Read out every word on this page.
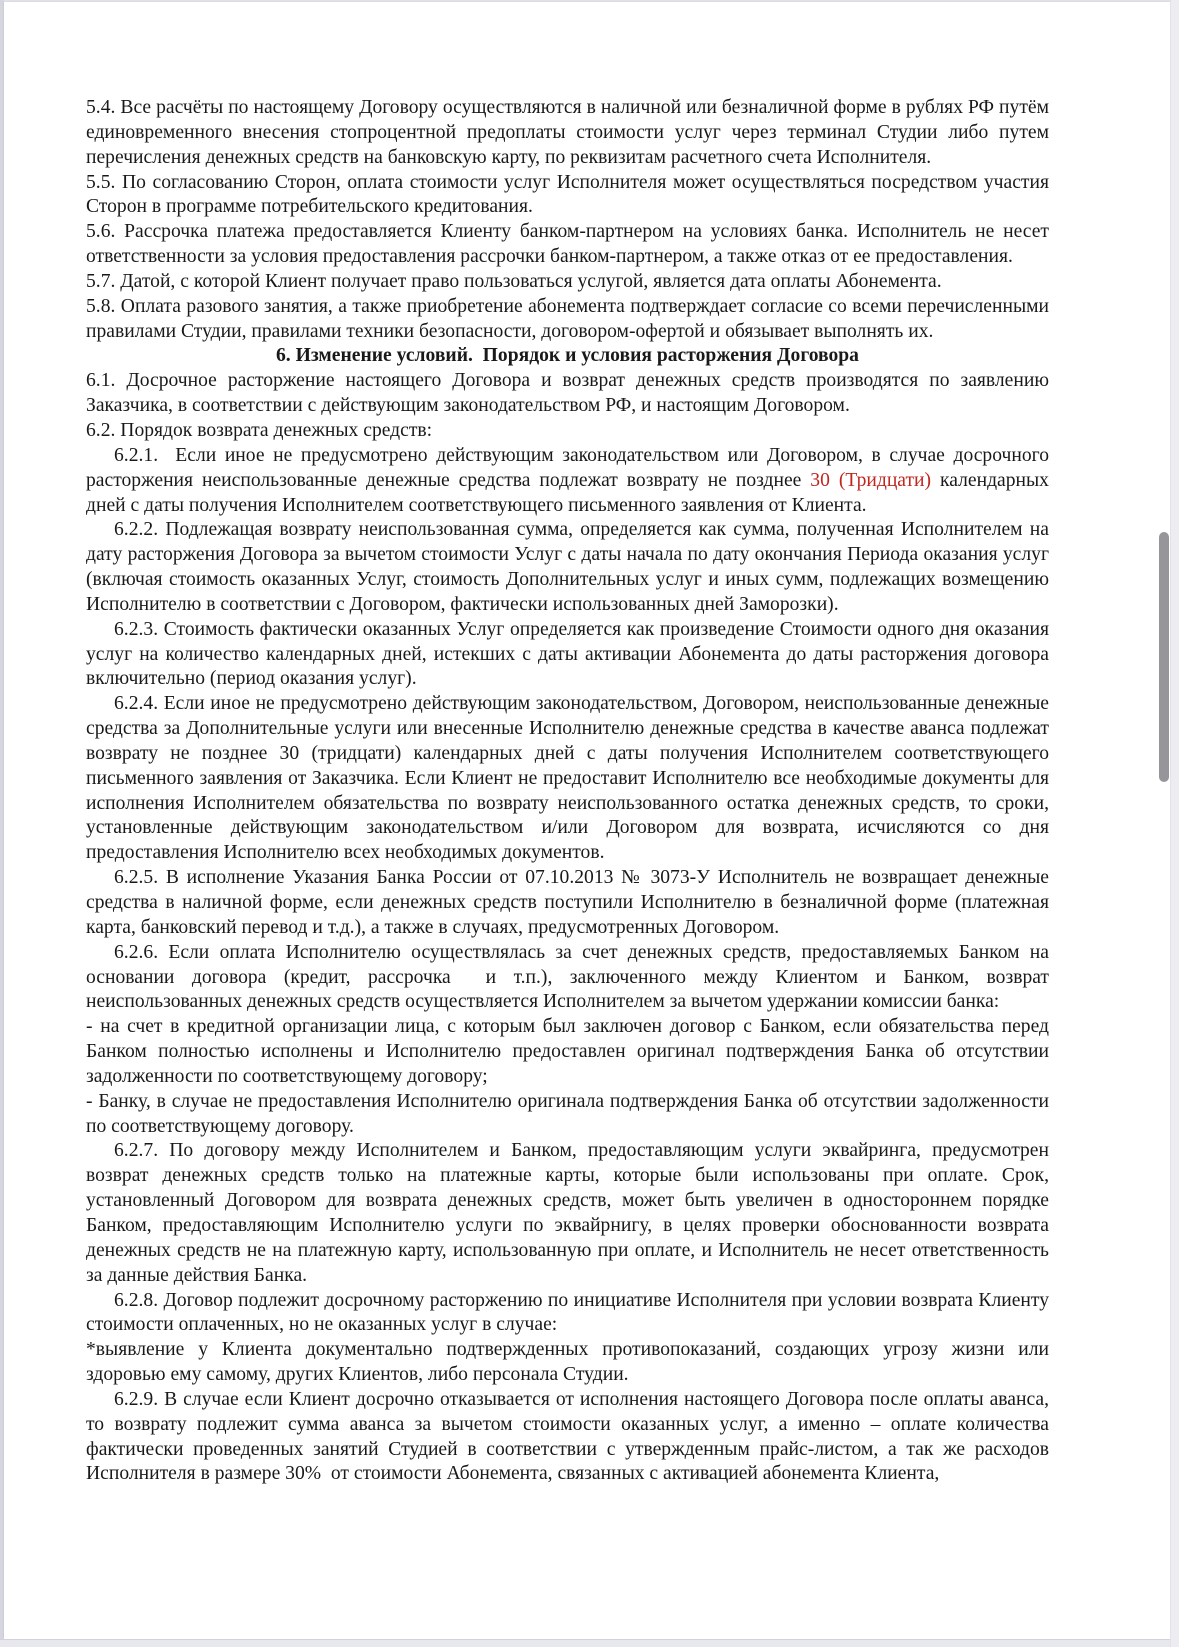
5.4. Все расчёты по настоящему Договору осуществляются в наличной или безналичной форме в рублях РФ путём единовременного внесения стопроцентной предоплаты стоимости услуг через терминал Студии либо путем перечисления денежных средств на банковскую карту, по реквизитам расчетного счета Исполнителя.

5.5. По согласованию Сторон, оплата стоимости услуг Исполнителя может осуществляться посредством участия Сторон в программе потребительского кредитования.

5.6. Рассрочка платежа предоставляется Клиенту банком-партнером на условиях банка. Исполнитель не несет ответственности за условия предоставления рассрочки банком-партнером, а также отказ от ее предоставления.

5.7. Датой, с которой Клиент получает право пользоваться услугой, является дата оплаты Абонемента.

5.8. Оплата разового занятия, а также приобретение абонемента подтверждает согласие со всеми перечисленными правилами Студии, правилами техники безопасности, договором-офертой и обязывает выполнять их.

6. Изменение условий.  Порядок и условия расторжения Договора

6.1. Досрочное расторжение настоящего Договора и возврат денежных средств производятся по заявлению Заказчика, в соответствии с действующим законодательством РФ, и настоящим Договором.

6.2. Порядок возврата денежных средств:

6.2.1.  Если иное не предусмотрено действующим законодательством или Договором, в случае досрочного расторжения неиспользованные денежные средства подлежат возврату не позднее 30 (Тридцати) календарных дней с даты получения Исполнителем соответствующего письменного заявления от Клиента.

6.2.2. Подлежащая возврату неиспользованная сумма, определяется как сумма, полученная Исполнителем на дату расторжения Договора за вычетом стоимости Услуг с даты начала по дату окончания Периода оказания услуг (включая стоимость оказанных Услуг, стоимость Дополнительных услуг и иных сумм, подлежащих возмещению Исполнителю в соответствии с Договором, фактически использованных дней Заморозки).

6.2.3. Стоимость фактически оказанных Услуг определяется как произведение Стоимости одного дня оказания услуг на количество календарных дней, истекших с даты активации Абонемента до даты расторжения договора включительно (период оказания услуг).

6.2.4. Если иное не предусмотрено действующим законодательством, Договором, неиспользованные денежные средства за Дополнительные услуги или внесенные Исполнителю денежные средства в качестве аванса подлежат возврату не позднее 30 (тридцати) календарных дней с даты получения Исполнителем соответствующего письменного заявления от Заказчика. Если Клиент не предоставит Исполнителю все необходимые документы для исполнения Исполнителем обязательства по возврату неиспользованного остатка денежных средств, то сроки, установленные действующим законодательством и/или Договором для возврата, исчисляются со дня предоставления Исполнителю всех необходимых документов.

6.2.5. В исполнение Указания Банка России от 07.10.2013 № 3073-У Исполнитель не возвращает денежные средства в наличной форме, если денежных средств поступили Исполнителю в безналичной форме (платежная карта, банковский перевод и т.д.), а также в случаях, предусмотренных Договором.

6.2.6. Если оплата Исполнителю осуществлялась за счет денежных средств, предоставляемых Банком на основании договора (кредит, рассрочка  и т.п.), заключенного между Клиентом и Банком, возврат неиспользованных денежных средств осуществляется Исполнителем за вычетом удержании комиссии банка:

- на счет в кредитной организации лица, с которым был заключен договор с Банком, если обязательства перед Банком полностью исполнены и Исполнителю предоставлен оригинал подтверждения Банка об отсутствии задолженности по соответствующему договору;

- Банку, в случае не предоставления Исполнителю оригинала подтверждения Банка об отсутствии задолженности по соответствующему договору.

6.2.7. По договору между Исполнителем и Банком, предоставляющим услуги эквайринга, предусмотрен возврат денежных средств только на платежные карты, которые были использованы при оплате. Срок, установленный Договором для возврата денежных средств, может быть увеличен в одностороннем порядке Банком, предоставляющим Исполнителю услуги по эквайрнигу, в целях проверки обоснованности возврата денежных средств не на платежную карту, использованную при оплате, и Исполнитель не несет ответственность за данные действия Банка.

6.2.8. Договор подлежит досрочному расторжению по инициативе Исполнителя при условии возврата Клиенту стоимости оплаченных, но не оказанных услуг в случае:

*выявление у Клиента документально подтвержденных противопоказаний, создающих угрозу жизни или здоровью ему самому, других Клиентов, либо персонала Студии.

6.2.9. В случае если Клиент досрочно отказывается от исполнения настоящего Договора после оплаты аванса, то возврату подлежит сумма аванса за вычетом стоимости оказанных услуг, а именно – оплате количества фактически проведенных занятий Студией в соответствии с утвержденным прайс-листом, а так же расходов Исполнителя в размере 30%  от стоимости Абонемента, связанных с активацией абонемента Клиента,
